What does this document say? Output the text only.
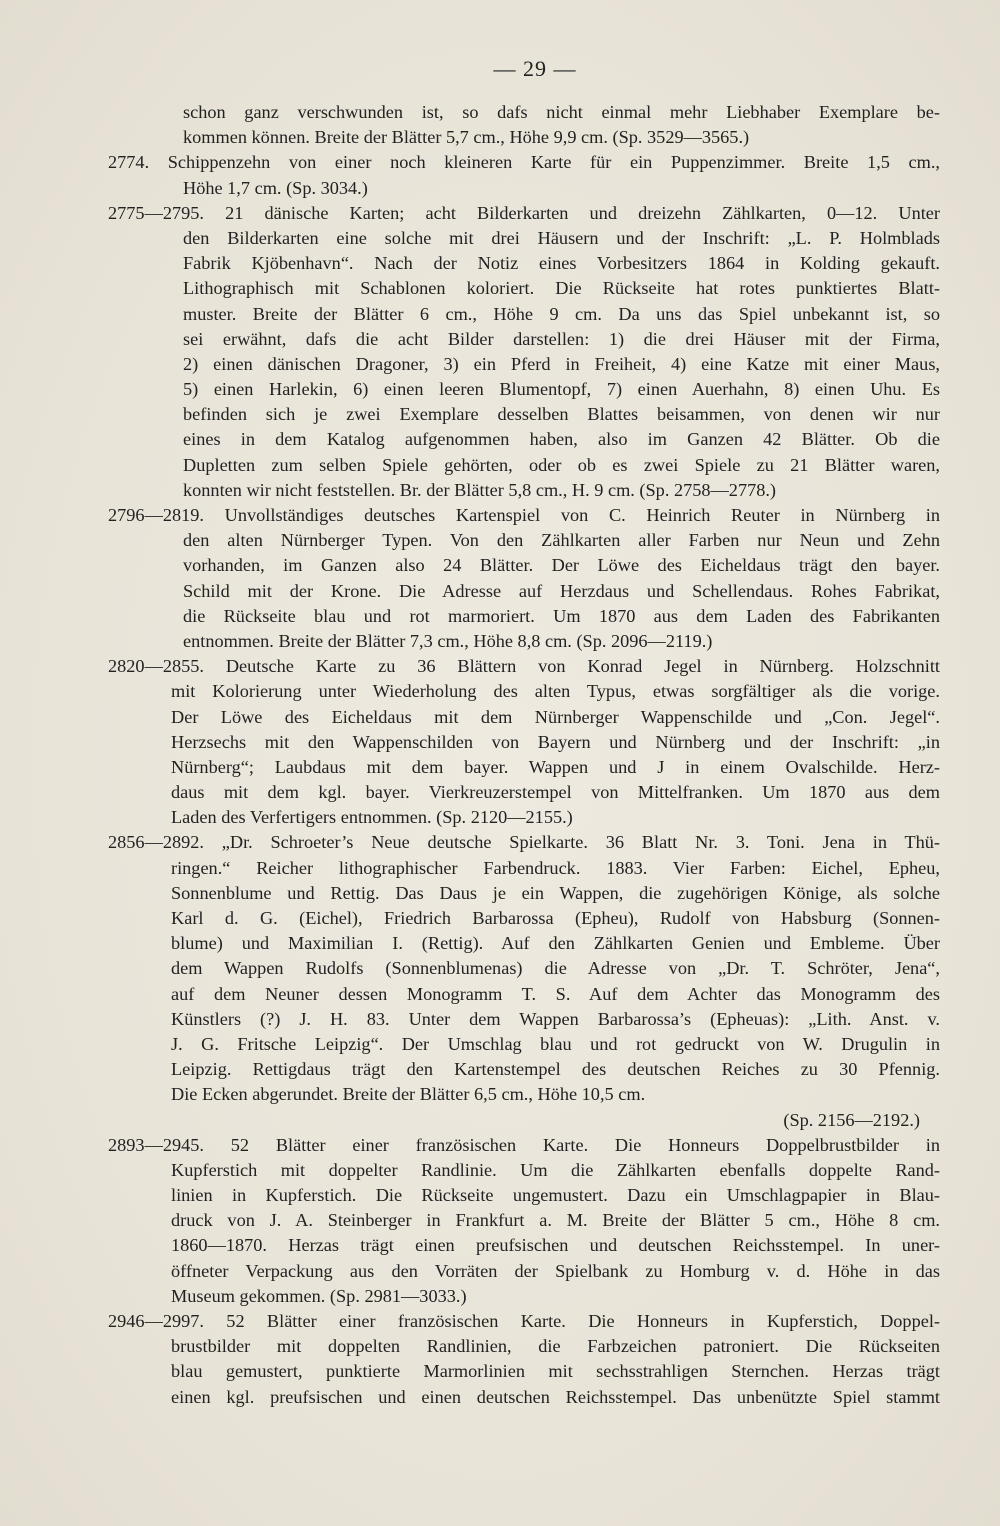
— 29 —
schon ganz verschwunden ist, so dafs nicht einmal mehr Liebhaber Exemplare be-
kommen können. Breite der Blätter 5,7 cm., Höhe 9,9 cm. (Sp. 3529—3565.)
2774. Schippenzehn von einer noch kleineren Karte für ein Puppenzimmer. Breite 1,5 cm.,
Höhe 1,7 cm. (Sp. 3034.)
2775—2795. 21 dänische Karten; acht Bilderkarten und dreizehn Zählkarten, 0—12. Unter
den Bilderkarten eine solche mit drei Häusern und der Inschrift: „L. P. Holmblads
Fabrik Kjöbenhavn“. Nach der Notiz eines Vorbesitzers 1864 in Kolding gekauft.
Lithographisch mit Schablonen koloriert. Die Rückseite hat rotes punktiertes Blatt-
muster. Breite der Blätter 6 cm., Höhe 9 cm. Da uns das Spiel unbekannt ist, so
sei erwähnt, dafs die acht Bilder darstellen: 1) die drei Häuser mit der Firma,
2) einen dänischen Dragoner, 3) ein Pferd in Freiheit, 4) eine Katze mit einer Maus,
5) einen Harlekin, 6) einen leeren Blumentopf, 7) einen Auerhahn, 8) einen Uhu. Es
befinden sich je zwei Exemplare desselben Blattes beisammen, von denen wir nur
eines in dem Katalog aufgenommen haben, also im Ganzen 42 Blätter. Ob die
Dupletten zum selben Spiele gehörten, oder ob es zwei Spiele zu 21 Blätter waren,
konnten wir nicht feststellen. Br. der Blätter 5,8 cm., H. 9 cm. (Sp. 2758—2778.)
2796—2819. Unvollständiges deutsches Kartenspiel von C. Heinrich Reuter in Nürnberg in
den alten Nürnberger Typen. Von den Zählkarten aller Farben nur Neun und Zehn
vorhanden, im Ganzen also 24 Blätter. Der Löwe des Eicheldaus trägt den bayer.
Schild mit der Krone. Die Adresse auf Herzdaus und Schellendaus. Rohes Fabrikat,
die Rückseite blau und rot marmoriert. Um 1870 aus dem Laden des Fabrikanten
entnommen. Breite der Blätter 7,3 cm., Höhe 8,8 cm. (Sp. 2096—2119.)
2820—2855. Deutsche Karte zu 36 Blättern von Konrad Jegel in Nürnberg. Holzschnitt
mit Kolorierung unter Wiederholung des alten Typus, etwas sorgfältiger als die vorige.
Der Löwe des Eicheldaus mit dem Nürnberger Wappenschilde und „Con. Jegel“.
Herzsechs mit den Wappenschilden von Bayern und Nürnberg und der Inschrift: „in
Nürnberg“; Laubdaus mit dem bayer. Wappen und J in einem Ovalschilde. Herz-
daus mit dem kgl. bayer. Vierkreuzerstempel von Mittelfranken. Um 1870 aus dem
Laden des Verfertigers entnommen. (Sp. 2120—2155.)
2856—2892. „Dr. Schroeter’s Neue deutsche Spielkarte. 36 Blatt Nr. 3. Toni. Jena in Thü-
ringen.“ Reicher lithographischer Farbendruck. 1883. Vier Farben: Eichel, Epheu,
Sonnenblume und Rettig. Das Daus je ein Wappen, die zugehörigen Könige, als solche
Karl d. G. (Eichel), Friedrich Barbarossa (Epheu), Rudolf von Habsburg (Sonnen-
blume) und Maximilian I. (Rettig). Auf den Zählkarten Genien und Embleme. Über
dem Wappen Rudolfs (Sonnenblumenas) die Adresse von „Dr. T. Schröter, Jena“,
auf dem Neuner dessen Monogramm T. S. Auf dem Achter das Monogramm des
Künstlers (?) J. H. 83. Unter dem Wappen Barbarossa’s (Epheuas): „Lith. Anst. v.
J. G. Fritsche Leipzig“. Der Umschlag blau und rot gedruckt von W. Drugulin in
Leipzig. Rettigdaus trägt den Kartenstempel des deutschen Reiches zu 30 Pfennig.
Die Ecken abgerundet. Breite der Blätter 6,5 cm., Höhe 10,5 cm.
(Sp. 2156—2192.)
2893—2945. 52 Blätter einer französischen Karte. Die Honneurs Doppelbrustbilder in
Kupferstich mit doppelter Randlinie. Um die Zählkarten ebenfalls doppelte Rand-
linien in Kupferstich. Die Rückseite ungemustert. Dazu ein Umschlagpapier in Blau-
druck von J. A. Steinberger in Frankfurt a. M. Breite der Blätter 5 cm., Höhe 8 cm.
1860—1870. Herzas trägt einen preufsischen und deutschen Reichsstempel. In uner-
öffneter Verpackung aus den Vorräten der Spielbank zu Homburg v. d. Höhe in das
Museum gekommen. (Sp. 2981—3033.)
2946—2997. 52 Blätter einer französischen Karte. Die Honneurs in Kupferstich, Doppel-
brustbilder mit doppelten Randlinien, die Farbzeichen patroniert. Die Rückseiten
blau gemustert, punktierte Marmorlinien mit sechsstrahligen Sternchen. Herzas trägt
einen kgl. preufsischen und einen deutschen Reichsstempel. Das unbenützte Spiel stammt
